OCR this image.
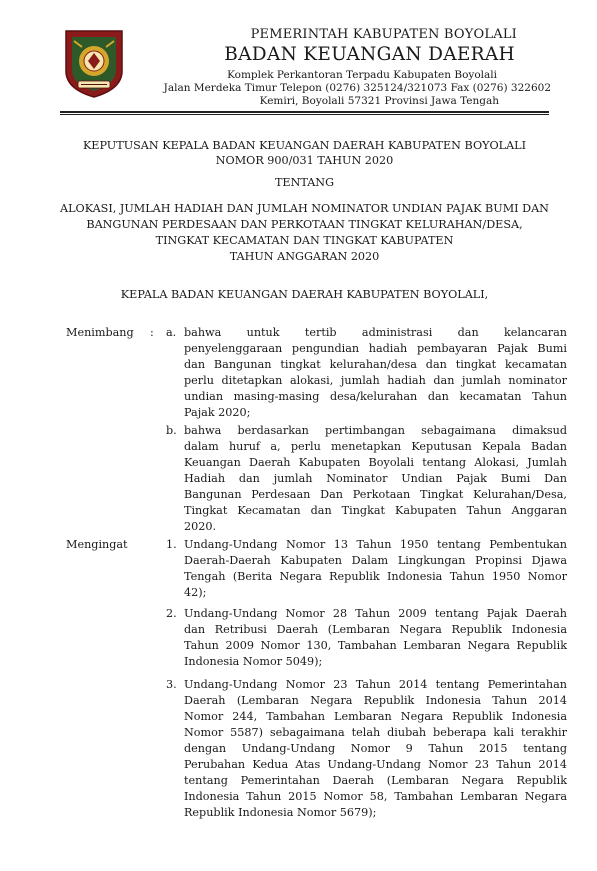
PEMERINTAH KABUPATEN BOYOLALI
BADAN KEUANGAN DAERAH
Komplek Perkantoran Terpadu Kabupaten Boyolali
Jalan Merdeka Timur Telepon (0276) 325124/321073 Fax (0276) 322602
Kemiri, Boyolali 57321 Provinsi Jawa Tengah
KEPUTUSAN KEPALA BADAN KEUANGAN DAERAH KABUPATEN BOYOLALI
NOMOR 900/031 TAHUN 2020
TENTANG
ALOKASI, JUMLAH HADIAH DAN JUMLAH NOMINATOR UNDIAN PAJAK BUMI DAN
BANGUNAN PERDESAAN DAN PERKOTAAN TINGKAT KELURAHAN/DESA,
TINGKAT KECAMATAN DAN TINGKAT KABUPATEN
TAHUN ANGGARAN 2020
KEPALA BADAN KEUANGAN DAERAH KABUPATEN BOYOLALI,
Menimbang : a. bahwa untuk tertib administrasi dan kelancaran
penyelenggaraan pengundian hadiah pembayaran Pajak Bumi
dan Bangunan tingkat kelurahan/desa dan tingkat kecamatan
perlu ditetapkan alokasi, jumlah hadiah dan jumlah nominator
undian masing-masing desa/kelurahan dan kecamatan Tahun
Pajak 2020;
b. bahwa berdasarkan pertimbangan sebagaimana dimaksud
dalam huruf a, perlu menetapkan Keputusan Kepala Badan
Keuangan Daerah Kabupaten Boyolali tentang Alokasi, Jumlah
Hadiah dan jumlah Nominator Undian Pajak Bumi Dan
Bangunan Perdesaan Dan Perkotaan Tingkat Kelurahan/Desa,
Tingkat Kecamatan dan Tingkat Kabupaten Tahun Anggaran
2020.
Mengingat	1. Undang-Undang Nomor 13 Tahun 1950 tentang Pembentukan
Daerah-Daerah Kabupaten Dalam Lingkungan Propinsi Djawa
Tengah (Berita Negara Republik Indonesia Tahun 1950 Nomor
42);
2. Undang-Undang Nomor 28 Tahun 2009 tentang Pajak Daerah
dan Retribusi Daerah (Lembaran Negara Republik Indonesia
Tahun 2009 Nomor 130, Tambahan Lembaran Negara Republik
Indonesia Nomor 5049);
3. Undang-Undang Nomor 23 Tahun 2014 tentang Pemerintahan
Daerah (Lembaran Negara Republik Indonesia Tahun 2014
Nomor 244, Tambahan Lembaran Negara Republik Indonesia
Nomor 5587) sebagaimana telah diubah beberapa kali terakhir
dengan Undang-Undang Nomor 9 Tahun 2015 tentang
Perubahan Kedua Atas Undang-Undang Nomor 23 Tahun 2014
tentang Pemerintahan Daerah (Lembaran Negara Republik
Indonesia Tahun 2015 Nomor 58, Tambahan Lembaran Negara
Republik Indonesia Nomor 5679);
